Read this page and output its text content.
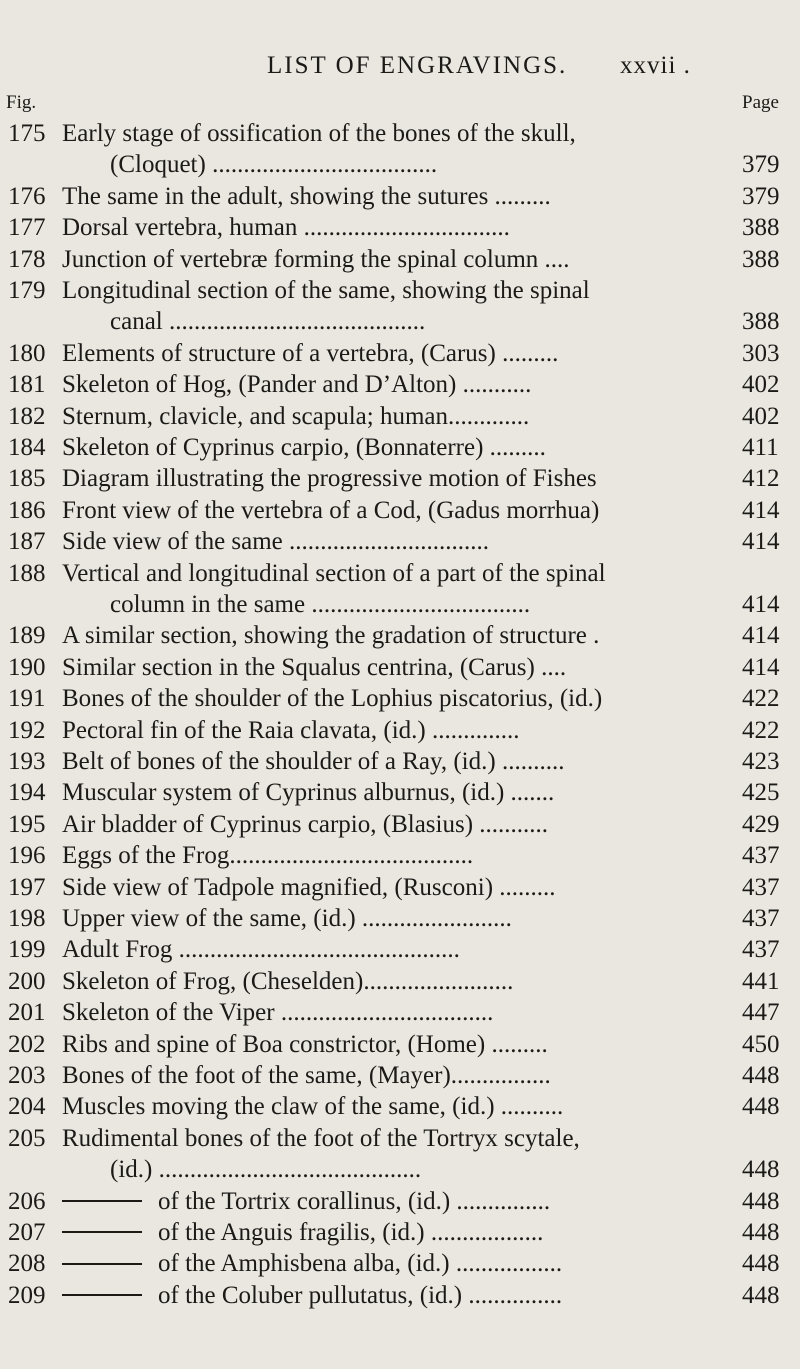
LIST OF ENGRAVINGS. xxvii .
Fig.	Page
175 Early stage of ossification of the bones of the skull,
(Cloquet) ....................................	379
176 The same in the adult, showing the sutures .........	379
177 Dorsal vertebra, human .................................	388
178 Junction of vertebræ forming the spinal column ....	388
179 Longitudinal section of the same, showing the spinal
canal .........................................	388
180 Elements of structure of a vertebra, (Carus) .........	303
181 Skeleton of Hog, (Pander and D’Alton) ...........	402
182 Sternum, clavicle, and scapula; human.............	402
184 Skeleton of Cyprinus carpio, (Bonnaterre) .........	411
185 Diagram illustrating the progressive motion of Fishes	412
186 Front view of the vertebra of a Cod, (Gadus morrhua)	414
187 Side view of the same ................................	414
188 Vertical and longitudinal section of a part of the spinal
column in the same ...................................	414
189 A similar section, showing the gradation of structure .	414
190 Similar section in the Squalus centrina, (Carus) ....	414
191 Bones of the shoulder of the Lophius piscatorius, (id.)	422
192 Pectoral fin of the Raia clavata, (id.) ..............	422
193 Belt of bones of the shoulder of a Ray, (id.) ..........	423
194 Muscular system of Cyprinus alburnus, (id.) .......	425
195 Air bladder of Cyprinus carpio, (Blasius) ...........	429
196 Eggs of the Frog.......................................	437
197 Side view of Tadpole magnified, (Rusconi) .........	437
198 Upper view of the same, (id.) ........................	437
199 Adult Frog .............................................	437
200 Skeleton of Frog, (Cheselden)........................	441
201 Skeleton of the Viper ..................................	447
202 Ribs and spine of Boa constrictor, (Home) .........	450
203 Bones of the foot of the same, (Mayer)................	448
204 Muscles moving the claw of the same, (id.) ..........	448
205 Rudimental bones of the foot of the Tortryx scytale,
(id.) ..........................................	448
206	of the Tortrix corallinus, (id.) ...............	448
207	of the Anguis fragilis, (id.) ..................	448
208	of the Amphisbena alba, (id.) .................	448
209	of the Coluber pullutatus, (id.) ...............	448
